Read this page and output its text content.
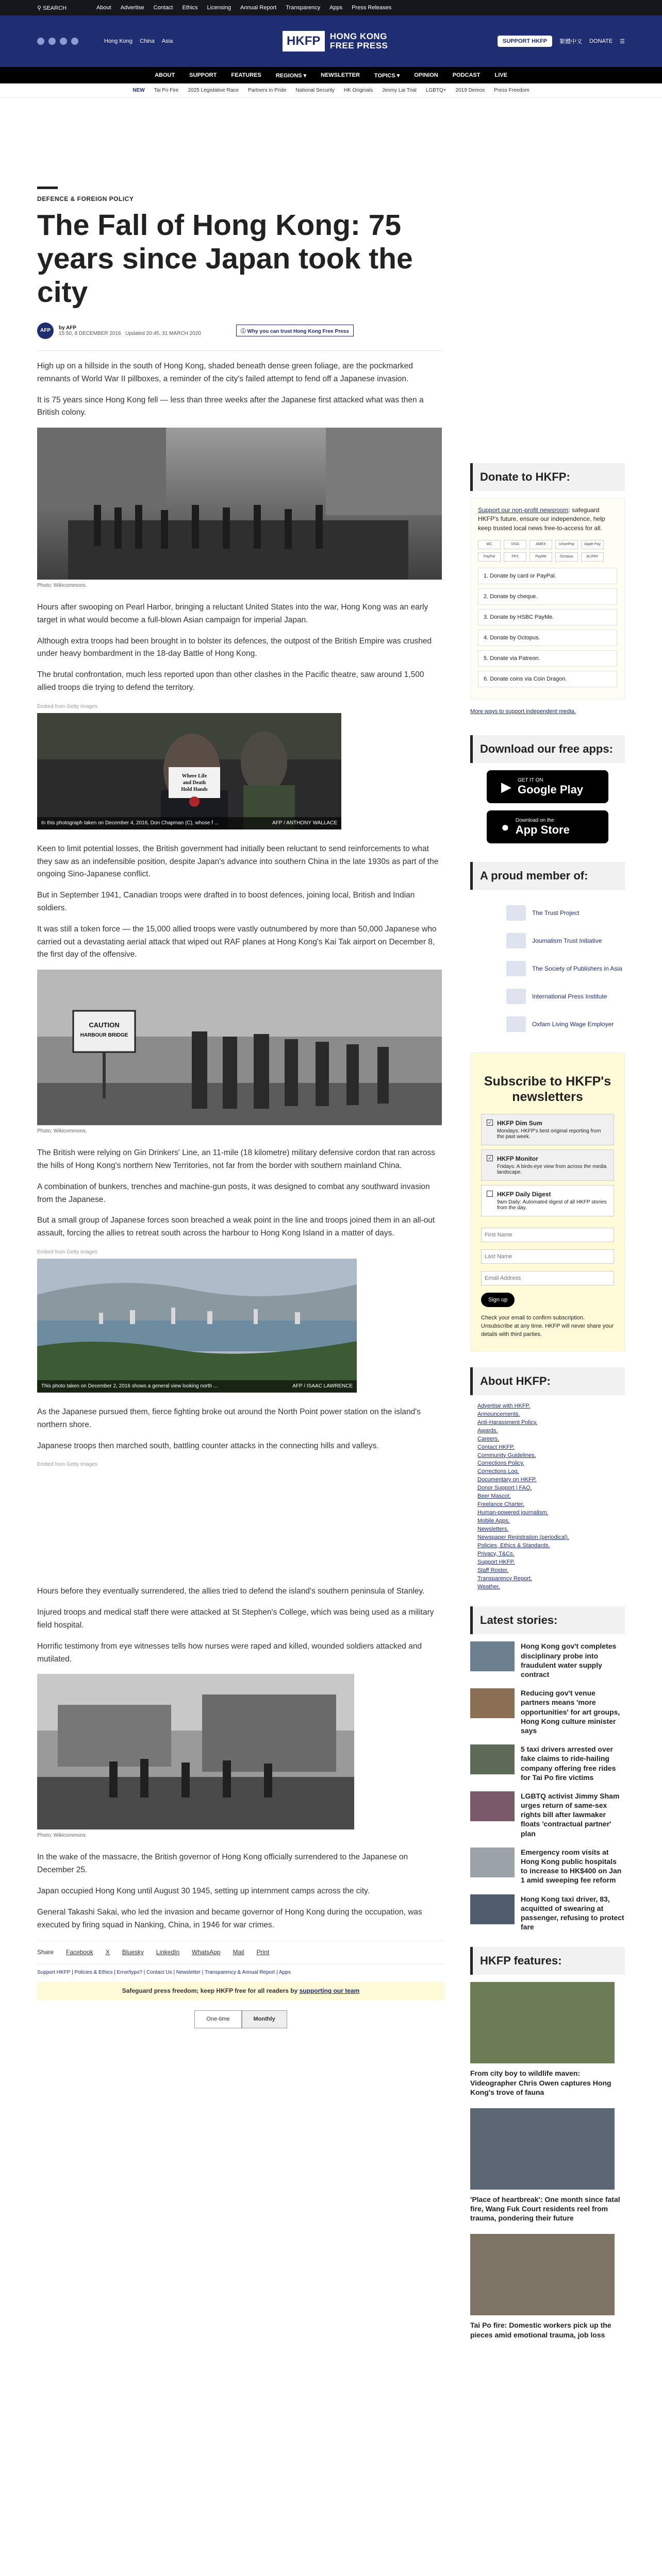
⚲ SEARCH	About Advertise Contact Ethics Licensing Annual Report Transparency Apps Press Releases
Hong Kong China Asia	HKFP	HONG KONG
FREE PRESS	SUPPORT HKFP	繁體中文 DONATE ☰
ABOUT	SUPPORT	FEATURES	REGIONS ▾	NEWSLETTER	TOPICS ▾	OPINION	PODCAST	LIVE
NEW Tai Po Fire 2025 Legislative Race Partners in Pride National Security HK Originals Jimmy Lai Trial LGBTQ+ 2019 Demos Press Freedom
DEFENCE & FOREIGN POLICY
The Fall of Hong Kong: 75 years since Japan took the city
AFP	by AFP
15:50, 8 DECEMBER 2016 Updated 20:45, 31 MARCH 2020	ⓘ Why you can trust Hong Kong Free Press

High up on a hillside in the south of Hong Kong, shaded beneath dense green foliage, are the pockmarked remnants of World War II pillboxes, a reminder of the city's failed attempt to fend off a Japanese invasion.

It is 75 years since Hong Kong fell — less than three weeks after the Japanese first attacked what was then a British colony.

Photo: Wikicommons.

Hours after swooping on Pearl Harbor, bringing a reluctant United States into the war, Hong Kong was an early target in what would become a full-blown Asian campaign for imperial Japan.

Although extra troops had been brought in to bolster its defences, the outpost of the British Empire was crushed under heavy bombardment in the 18-day Battle of Hong Kong.

The brutal confrontation, much less reported upon than other clashes in the Pacific theatre, saw around 1,500 allied troops die trying to defend the territory.

Embed from Getty Images
Where Life
and Death
Hold Hands
In this photograph taken on December 4, 2016, Don Chapman (C), whose f ...	AFP / ANTHONY WALLACE

Keen to limit potential losses, the British government had initially been reluctant to send reinforcements to what they saw as an indefensible position, despite Japan's advance into southern China in the late 1930s as part of the ongoing Sino-Japanese conflict.

But in September 1941, Canadian troops were drafted in to boost defences, joining local, British and Indian soldiers.

It was still a token force — the 15,000 allied troops were vastly outnumbered by more than 50,000 Japanese who carried out a devastating aerial attack that wiped out RAF planes at Hong Kong's Kai Tak airport on December 8, the first day of the offensive.

CAUTION
HARBOUR BRIDGE
Photo: Wikicommons.

The British were relying on Gin Drinkers' Line, an 11-mile (18 kilometre) military defensive cordon that ran across the hills of Hong Kong's northern New Territories, not far from the border with southern mainland China.

A combination of bunkers, trenches and machine-gun posts, it was designed to combat any southward invasion from the Japanese.

But a small group of Japanese forces soon breached a weak point in the line and troops joined them in an all-out assault, forcing the allies to retreat south across the harbour to Hong Kong Island in a matter of days.

Embed from Getty Images
This photo taken on December 2, 2016 shows a general view looking north ...	AFP / ISAAC LAWRENCE

As the Japanese pursued them, fierce fighting broke out around the North Point power station on the island's northern shore.

Japanese troops then marched south, battling counter attacks in the connecting hills and valleys.

Embed from Getty Images

Hours before they eventually surrendered, the allies tried to defend the island's southern peninsula of Stanley.

Injured troops and medical staff there were attacked at St Stephen's College, which was being used as a military field hospital.

Horrific testimony from eye witnesses tells how nurses were raped and killed, wounded soldiers attacked and mutilated.

Photo: Wikicommons.

In the wake of the massacre, the British governor of Hong Kong officially surrendered to the Japanese on December 25.

Japan occupied Hong Kong until August 30 1945, setting up internment camps across the city.

General Takashi Sakai, who led the invasion and became governor of Hong Kong during the occupation, was executed by firing squad in Nanking, China, in 1946 for war crimes.

Share Facebook X Bluesky LinkedIn WhatsApp Mail Print
Support HKFP | Policies & Ethics | Error/typo? | Contact Us | Newsletter | Transparency & Annual Report | Apps
Safeguard press freedom; keep HKFP free for all readers by supporting our team
One-time	Monthly
Donate to HKFP:
Support our non-profit newsroom: safeguard HKFP's future, ensure our independence, help keep trusted local news free-to-access for all.
MC	VISA	AMEX	UnionPay	Apple Pay
PayPal	FPS	PayMe	Octopus	ALIPAY
1. Donate by card or PayPal.
2. Donate by cheque.
3. Donate by HSBC PayMe.
4. Donate by Octopus.
5. Donate via Patreon.
6. Donate coins via Coin Dragon.
More ways to support independent media.
Download our free apps:
▶ GET IT ON
Google Play
● Download on the
App Store
A proud member of:
The Trust Project
Journalism Trust Initiative
The Society of Publishers in Asia
International Press Institute
Oxfam Living Wage Employer
Subscribe to HKFP's newsletters
✓ HKFP Dim Sum
Mondays: HKFP's best original reporting from the past week.
✓ HKFP Monitor
Fridays: A birds-eye view from across the media landscape.
HKFP Daily Digest
9am Daily: Automated digest of all HKFP stories from the day.
First Name Last Name Email Address Sign up
Check your email to confirm subscription. Unsubscribe at any time. HKFP will never share your details with third parties.
About HKFP:
Advertise with HKFP.
Announcements.
Anti-Harassment Policy.
Awards.
Careers.
Contact HKFP.
Community Guidelines.
Corrections Policy.
Corrections Log.
Documentary on HKFP.
Donor Support | FAQ.
Beer Mascot.
Freelance Charter.
Human-powered journalism.
Mobile Apps.
Newsletters.
Newspaper Registration (periodical).
Policies, Ethics & Standards.
Privacy, T&Cs.
Support HKFP.
Staff Roster.
Transparency Report.
Weather.
Latest stories:
Hong Kong gov't completes disciplinary probe into fraudulent water supply contract
Reducing gov't venue partners means 'more opportunities' for art groups, Hong Kong culture minister says
5 taxi drivers arrested over fake claims to ride-hailing company offering free rides for Tai Po fire victims
LGBTQ activist Jimmy Sham urges return of same-sex rights bill after lawmaker floats 'contractual partner' plan
Emergency room visits at Hong Kong public hospitals to increase to HK$400 on Jan 1 amid sweeping fee reform
Hong Kong taxi driver, 83, acquitted of swearing at passenger, refusing to protect fare
HKFP features:
From city boy to wildlife maven: Videographer Chris Owen captures Hong Kong's trove of fauna
'Place of heartbreak': One month since fatal fire, Wang Fuk Court residents reel from trauma, pondering their future
Tai Po fire: Domestic workers pick up the pieces amid emotional trauma, job loss
